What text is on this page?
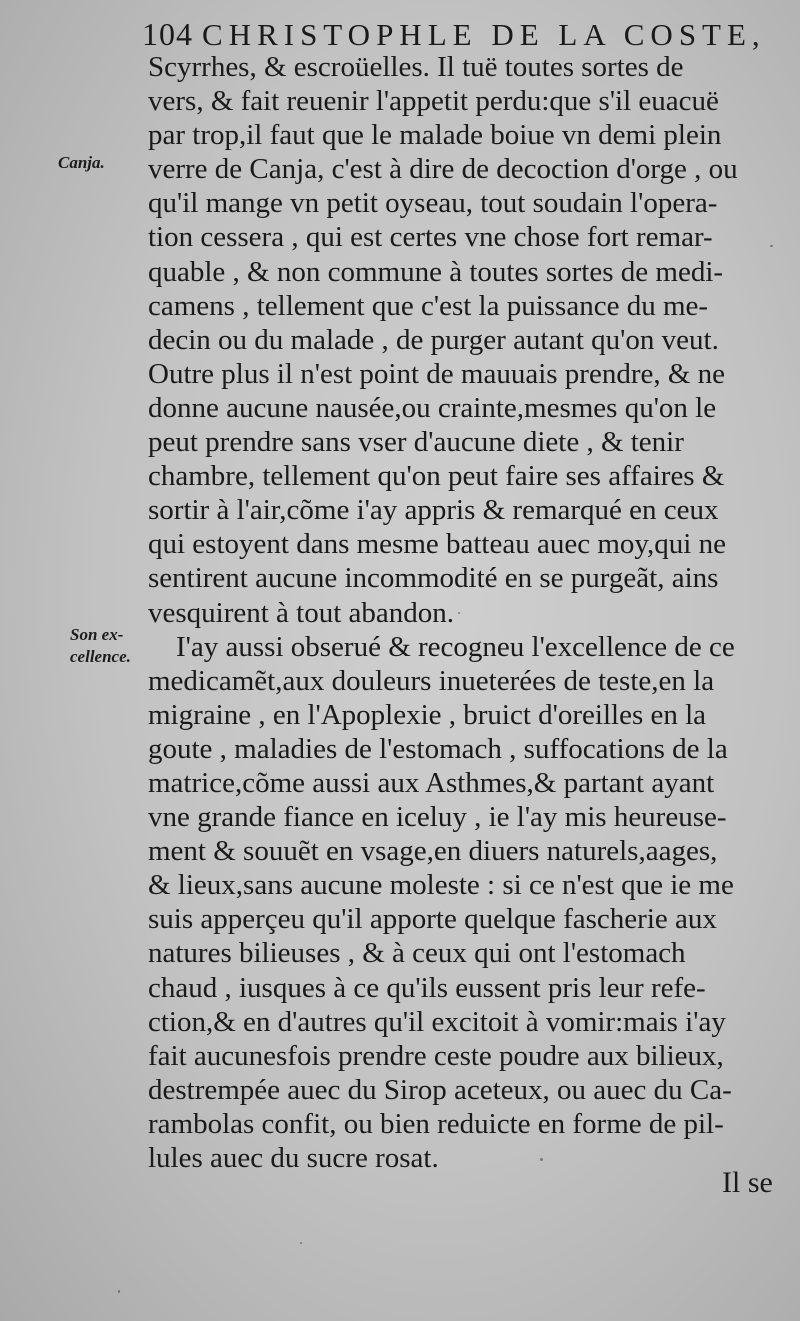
104 CHRISTOPHLE DE LA COSTE,
Canja.
Son ex-
cellence.
Scyrrhes, & escroüelles. Il tuë toutes sortes de
vers, & fait reuenir l'appetit perdu:que s'il euacuë
par trop,il faut que le malade boiue vn demi plein
verre de Canja, c'est à dire de decoction d'orge , ou
qu'il mange vn petit oyseau, tout soudain l'opera-
tion cessera , qui est certes vne chose fort remar-
quable , & non commune à toutes sortes de medi-
camens , tellement que c'est la puissance du me-
decin ou du malade , de purger autant qu'on veut.
Outre plus il n'est point de mauuais prendre, & ne
donne aucune nausée,ou crainte,mesmes qu'on le
peut prendre sans vser d'aucune diete , & tenir
chambre, tellement qu'on peut faire ses affaires &
sortir à l'air,cõme i'ay appris & remarqué en ceux
qui estoyent dans mesme batteau auec moy,qui ne
sentirent aucune incommodité en se purgeãt, ains
vesquirent à tout abandon.
I'ay aussi obserué & recogneu l'excellence de ce
medicamẽt,aux douleurs inueterées de teste,en la
migraine , en l'Apoplexie , bruict d'oreilles en la
goute , maladies de l'estomach , suffocations de la
matrice,cõme aussi aux Asthmes,& partant ayant
vne grande fiance en iceluy , ie l'ay mis heureuse-
ment & souuẽt en vsage,en diuers naturels,aages,
& lieux,sans aucune moleste : si ce n'est que ie me
suis apperçeu qu'il apporte quelque fascherie aux
natures bilieuses , & à ceux qui ont l'estomach
chaud , iusques à ce qu'ils eussent pris leur refe-
ction,& en d'autres qu'il excitoit à vomir:mais i'ay
fait aucunesfois prendre ceste poudre aux bilieux,
destrempée auec du Sirop aceteux, ou auec du Ca-
rambolas confit, ou bien reduicte en forme de pil-
lules auec du sucre rosat.
Il se
